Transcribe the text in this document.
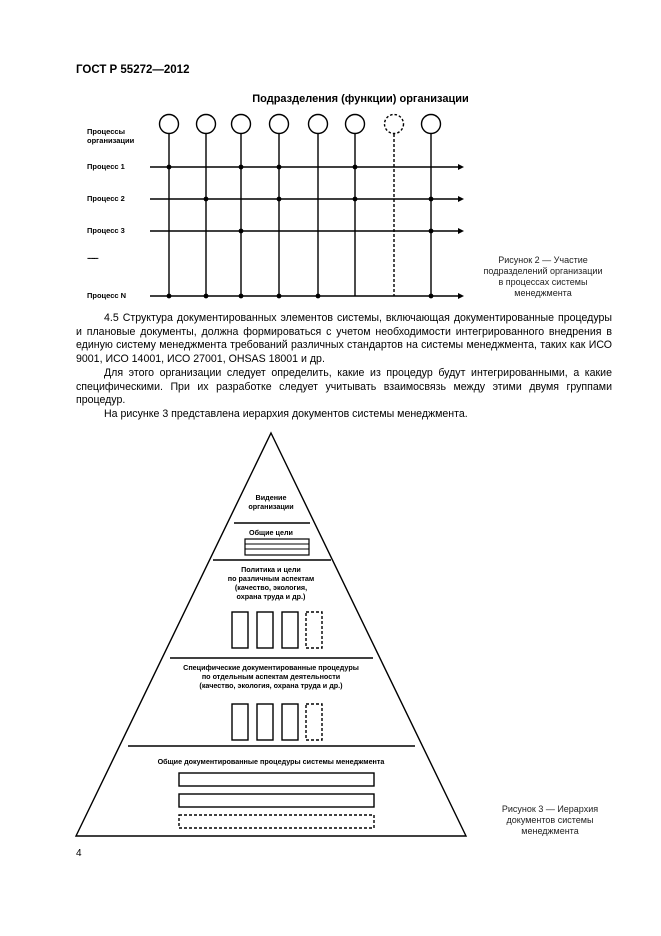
ГОСТ Р 55272—2012
Подразделения (функции) организации
Процессы
организации
Процесс 1
Процесс 2
Процесс 3
..........
Процесс N
Рисунок 2 — Участие
подразделений организации
в процессах системы
менеджмента
4.5 Структура документированных элементов системы, включающая документированные процедуры и плановые документы, должна формироваться с учетом необходимости интегрированного внедрения в единую систему менеджмента требований различных стандартов на системы менеджмента, таких как ИСО 9001, ИСО 14001, ИСО 27001, OHSAS 18001 и др.
Для этого организации следует определить, какие из процедур будут интегрированными, а какие специфическими. При их разработке следует учитывать взаимосвязь между этими двумя группами процедур.
На рисунке 3 представлена иерархия документов системы менеджмента.
Видение
организации
Общие цели
Политика и цели
по различным аспектам
(качество, экология,
охрана труда и др.)
Специфические документированные процедуры
по отдельным аспектам деятельности
(качество, экология, охрана труда и др.)
Общие документированные процедуры системы менеджмента
Рисунок 3 — Иерархия
документов системы
менеджмента
4
